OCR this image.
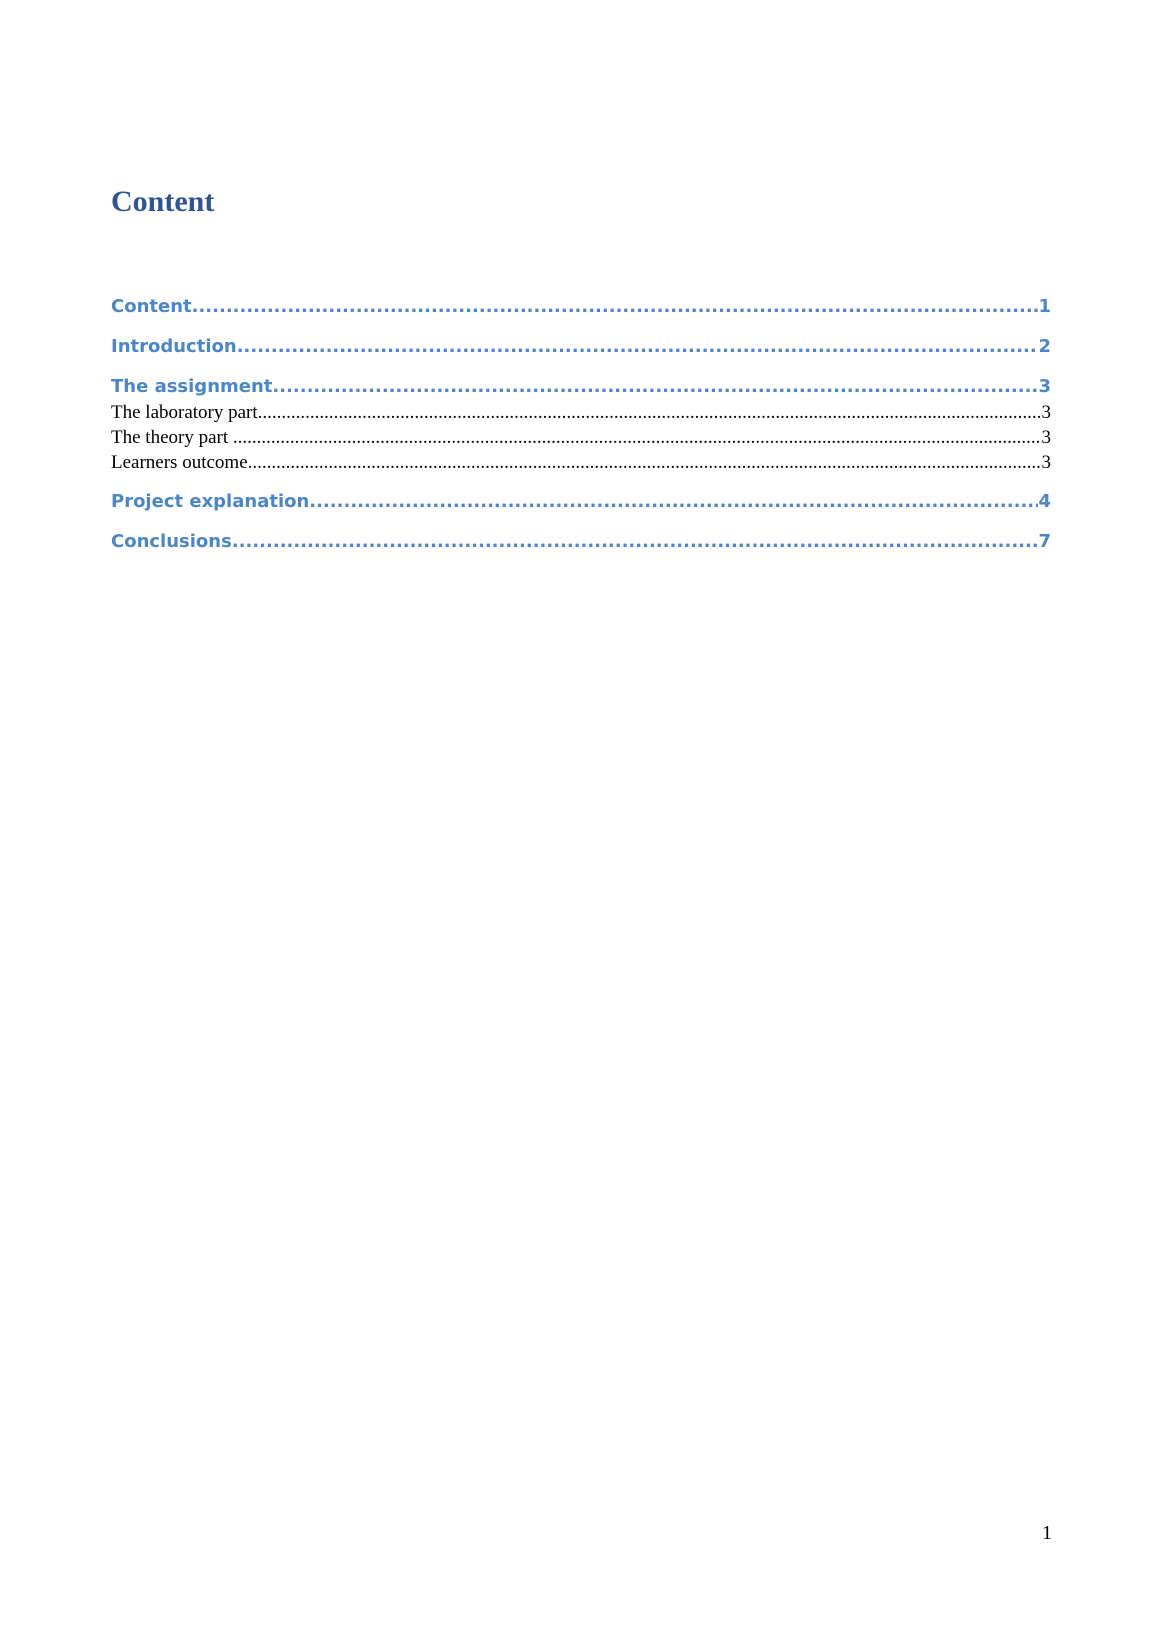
Content
Content .....	1
Introduction .....	2
The assignment .....	3
The laboratory part .....	3
The theory part .....	3
Learners outcome .....	3
Project explanation .....	4
Conclusions .....	7
1
